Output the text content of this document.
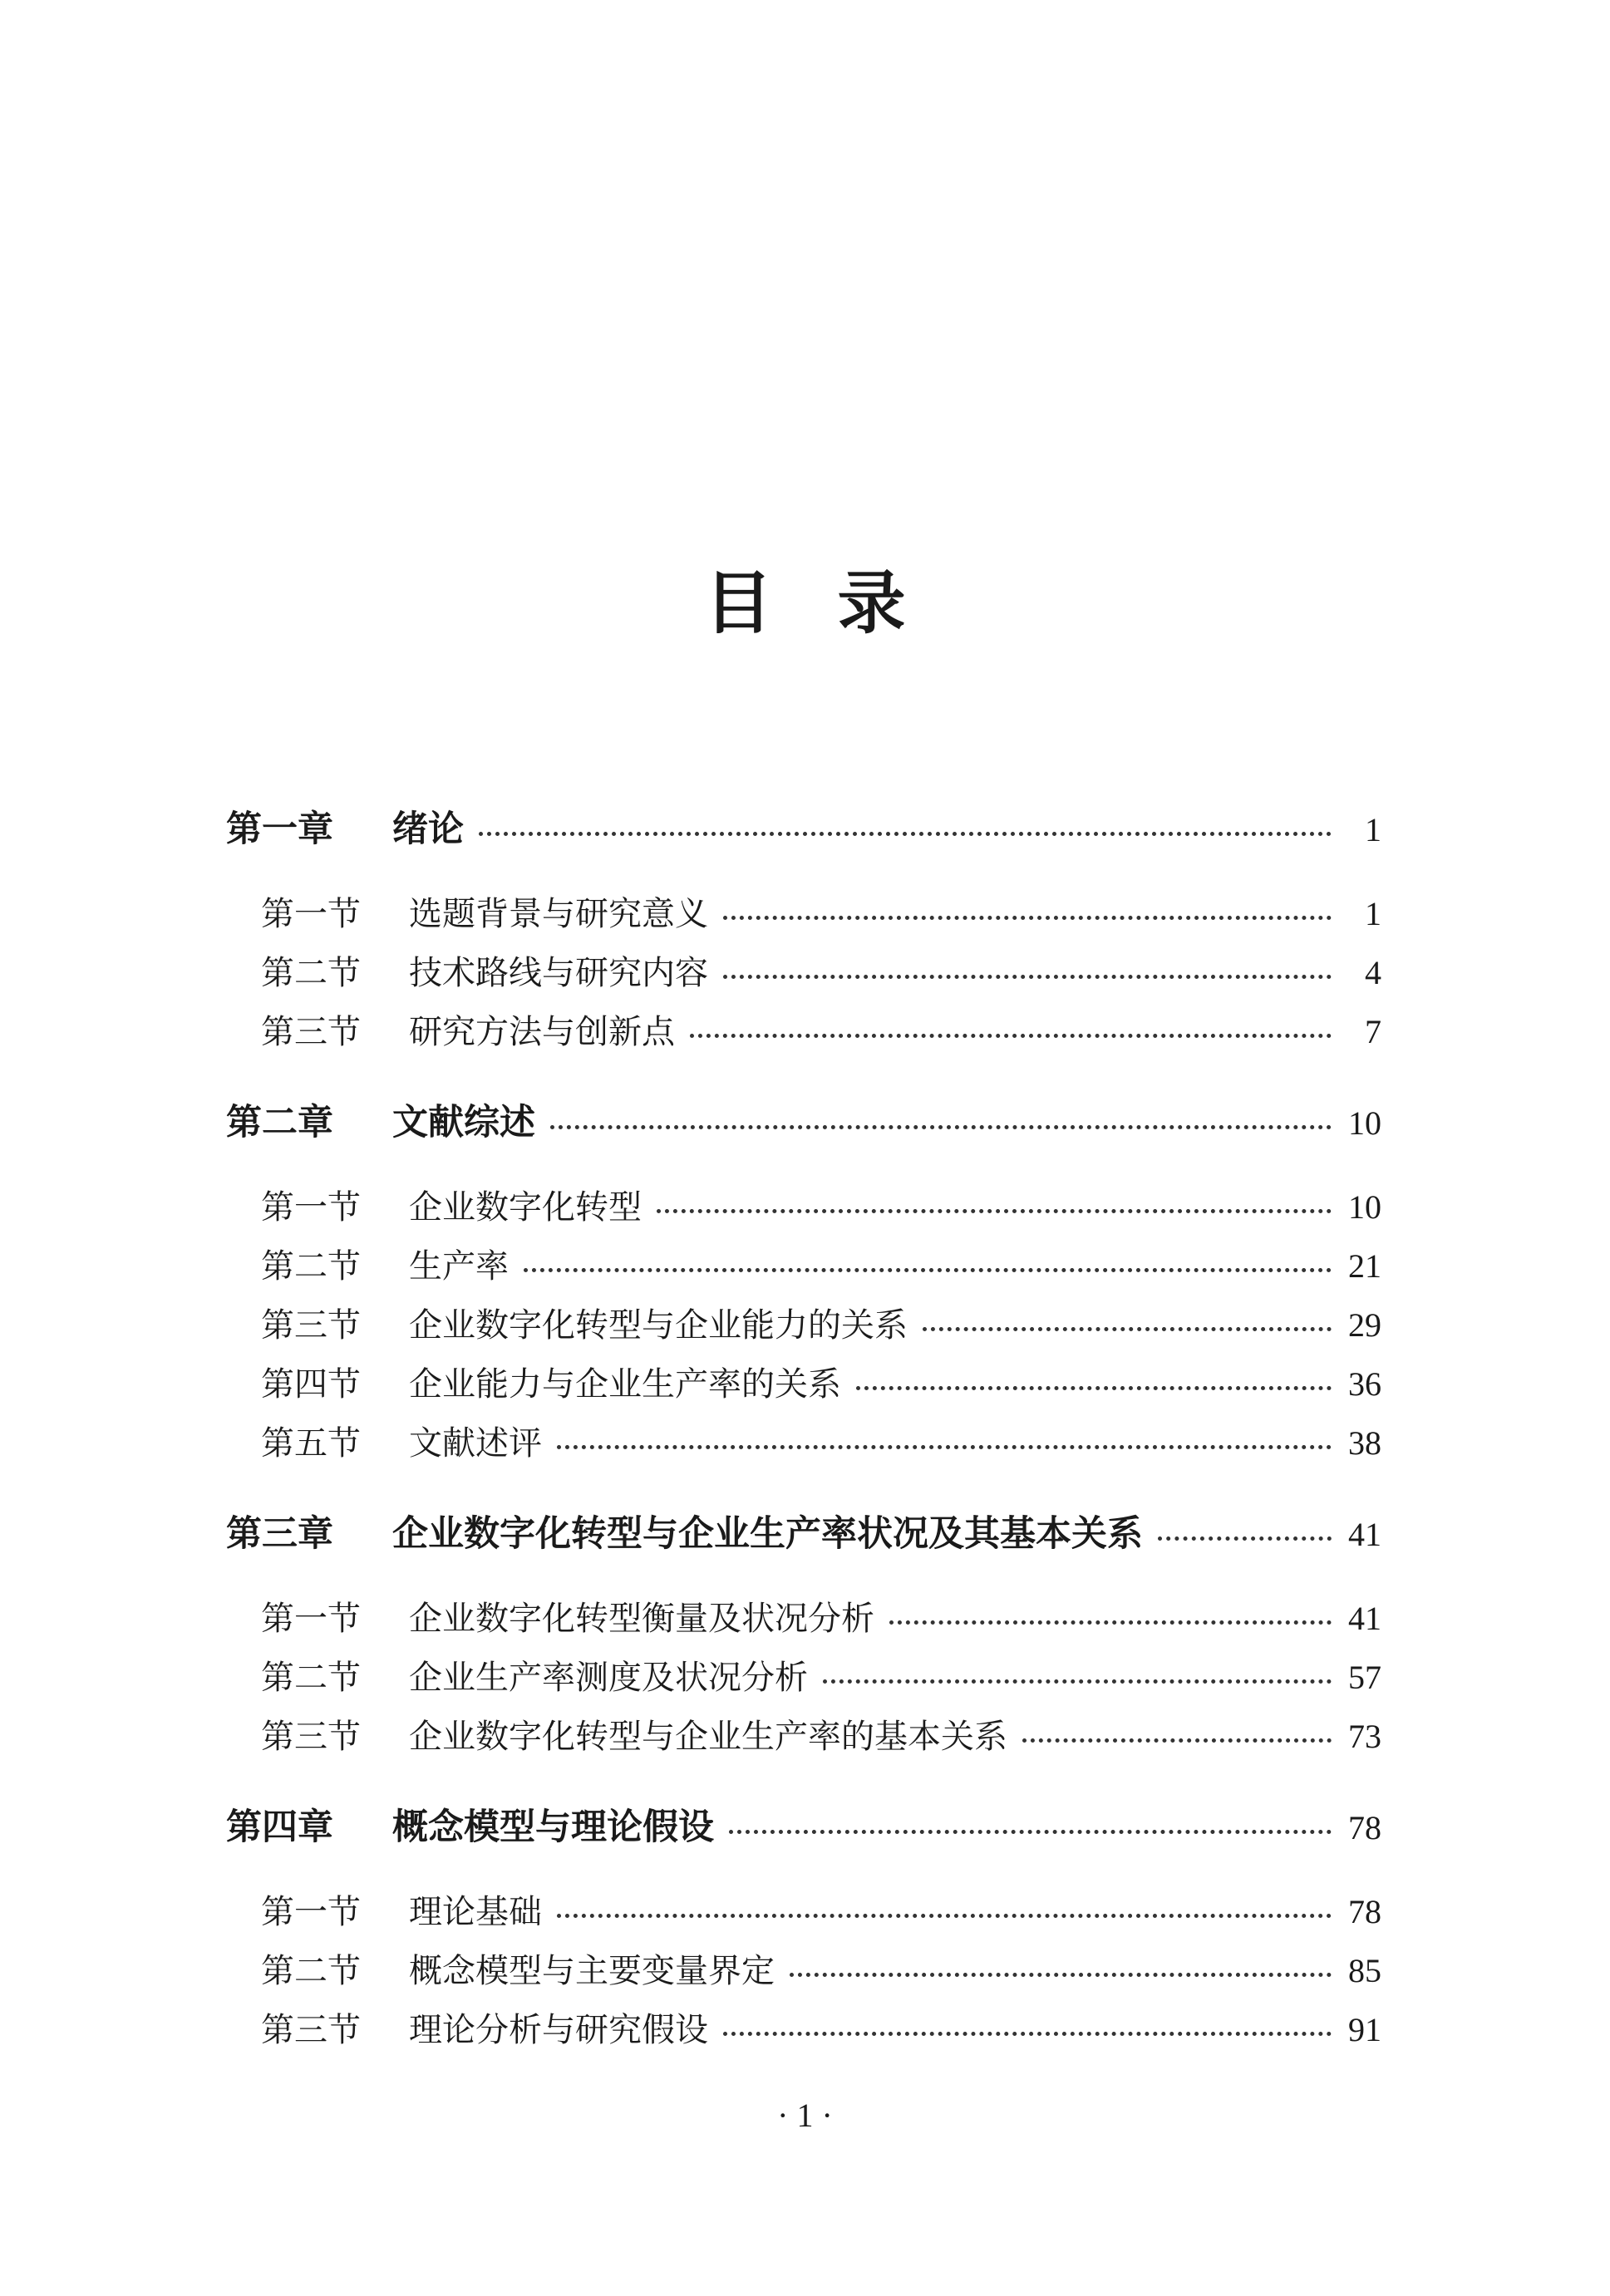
目录
第一章	绪论	1
第一节	选题背景与研究意义	1
第二节	技术路线与研究内容	4
第三节	研究方法与创新点	7
第二章	文献综述	10
第一节	企业数字化转型	10
第二节	生产率	21
第三节	企业数字化转型与企业能力的关系	29
第四节	企业能力与企业生产率的关系	36
第五节	文献述评	38
第三章	企业数字化转型与企业生产率状况及其基本关系	41
第一节	企业数字化转型衡量及状况分析	41
第二节	企业生产率测度及状况分析	57
第三节	企业数字化转型与企业生产率的基本关系	73
第四章	概念模型与理论假设	78
第一节	理论基础	78
第二节	概念模型与主要变量界定	85
第三节	理论分析与研究假设	91
· 1 ·
